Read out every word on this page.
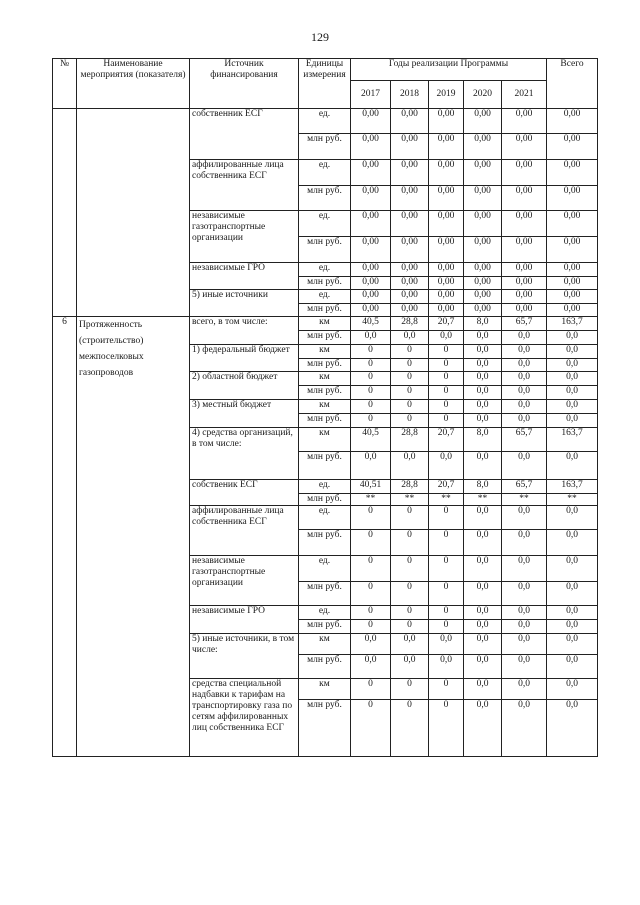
129
№	Наименование мероприятия (показателя)	Источник финансирования	Единицы измерения	Годы реализации Программы					Всего
				2017	2018	2019	2020	2021	
		собственник ЕСГ	ед.	0,00	0,00	0,00	0,00	0,00	0,00
			млн руб.	0,00	0,00	0,00	0,00	0,00	0,00
		аффилированные лица собственника ЕСГ	ед.	0,00	0,00	0,00	0,00	0,00	0,00
			млн руб.	0,00	0,00	0,00	0,00	0,00	0,00
		независимые газотранспортные организации	ед.	0,00	0,00	0,00	0,00	0,00	0,00
			млн руб.	0,00	0,00	0,00	0,00	0,00	0,00
		независимые ГРО	ед.	0,00	0,00	0,00	0,00	0,00	0,00
			млн руб.	0,00	0,00	0,00	0,00	0,00	0,00
		5) иные источники	ед.	0,00	0,00	0,00	0,00	0,00	0,00
			млн руб.	0,00	0,00	0,00	0,00	0,00	0,00
6	Протяженность (строительство) межпоселковых газопроводов	всего, в том числе:	км	40,5	28,8	20,7	8,0	65,7	163,7
			млн руб.	0,0	0,0	0,0	0,0	0,0	0,0
		1) федеральный бюджет	км	0	0	0	0,0	0,0	0,0
			млн руб.	0	0	0	0,0	0,0	0,0
		2) областной бюджет	км	0	0	0	0,0	0,0	0,0
			млн руб.	0	0	0	0,0	0,0	0,0
		3) местный бюджет	км	0	0	0	0,0	0,0	0,0
			млн руб.	0	0	0	0,0	0,0	0,0
		4) средства организаций, в том числе:	км	40,5	28,8	20,7	8,0	65,7	163,7
			млн руб.	0,0	0,0	0,0	0,0	0,0	0,0
		собственик ЕСГ	ед.	40,51	28,8	20,7	8,0	65,7	163,7
			млн руб.	**	**	**	**	**	**
		аффилированные лица собственника ЕСГ	ед.	0	0	0	0,0	0,0	0,0
			млн руб.	0	0	0	0,0	0,0	0,0
		независимые газотранспортные организации	ед.	0	0	0	0,0	0,0	0,0
			млн руб.	0	0	0	0,0	0,0	0,0
		независимые ГРО	ед.	0	0	0	0,0	0,0	0,0
			млн руб.	0	0	0	0,0	0,0	0,0
		5) иные источники, в том числе:	км	0,0	0,0	0,0	0,0	0,0	0,0
			млн руб.	0,0	0,0	0,0	0,0	0,0	0,0
		средства специальной надбавки к тарифам на транспортировку газа по сетям аффилированных лиц собственника ЕСГ	км	0	0	0	0,0	0,0	0,0
			млн руб.	0	0	0	0,0	0,0	0,0
